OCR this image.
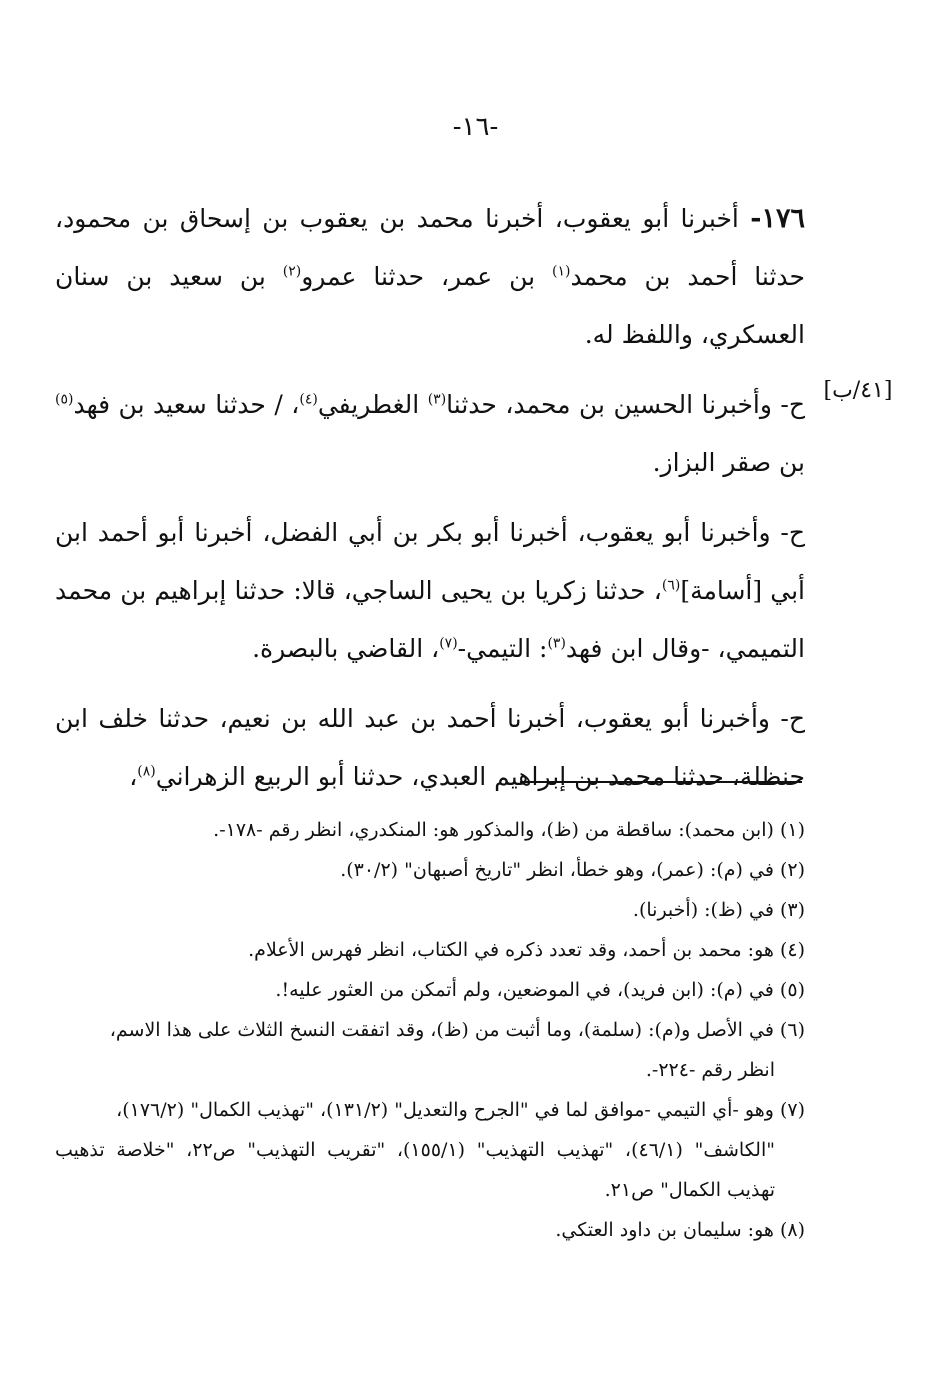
-١٦-
[٤١/ب]

١٧٦- أخبرنا أبو يعقوب، أخبرنا محمد بن يعقوب بن إسحاق بن محمود، حدثنا أحمد بن محمد$^{(١)}$ بن عمر، حدثنا عمرو$^{(٢)}$ بن سعيد بن سنان العسكري، واللفظ له.

ح- وأخبرنا الحسين بن محمد، حدثنا$^{(٣)}$ الغطريفي$^{(٤)}$، / حدثنا سعيد بن فهد$^{(٥)}$ بن صقر البزاز.

ح- وأخبرنا أبو يعقوب، أخبرنا أبو بكر بن أبي الفضل، أخبرنا أبو أحمد ابن أبي [أسامة]$^{(٦)}$، حدثنا زكريا بن يحيى الساجي، قالا: حدثنا إبراهيم بن محمد التميمي، -وقال ابن فهد$^{(٣)}$: التيمي-$^{(٧)}$، القاضي بالبصرة.

ح- وأخبرنا أبو يعقوب، أخبرنا أحمد بن عبد الله بن نعيم، حدثنا خلف ابن حنظلة، حدثنا محمد بن إبراهيم العبدي، حدثنا أبو الربيع الزهراني$^{(٨)}$،

(١) (ابن محمد): ساقطة من (ظ)، والمذكور هو: المنكدري، انظر رقم -١٧٨-.

(٢) في (م): (عمر)، وهو خطأ، انظر "تاريخ أصبهان" (٣٠/٢).

(٣) في (ظ): (أخبرنا).

(٤) هو: محمد بن أحمد، وقد تعدد ذكره في الكتاب، انظر فهرس الأعلام.

(٥) في (م): (ابن فريد)، في الموضعين، ولم أتمكن من العثور عليه!.

(٦) في الأصل و(م): (سلمة)، وما أثبت من (ظ)، وقد اتفقت النسخ الثلاث على هذا الاسم،
انظر رقم -٢٢٤-.

(٧) وهو -أي التيمي -موافق لما في "الجرح والتعديل" (١٣١/٢)، "تهذيب الكمال" (١٧٦/٢)،
"الكاشف" (٤٦/١)، "تهذيب التهذيب" (١٥٥/١)، "تقريب التهذيب" ص٢٢، "خلاصة تذهيب تهذيب الكمال" ص٢١.

(٨) هو: سليمان بن داود العتكي.
